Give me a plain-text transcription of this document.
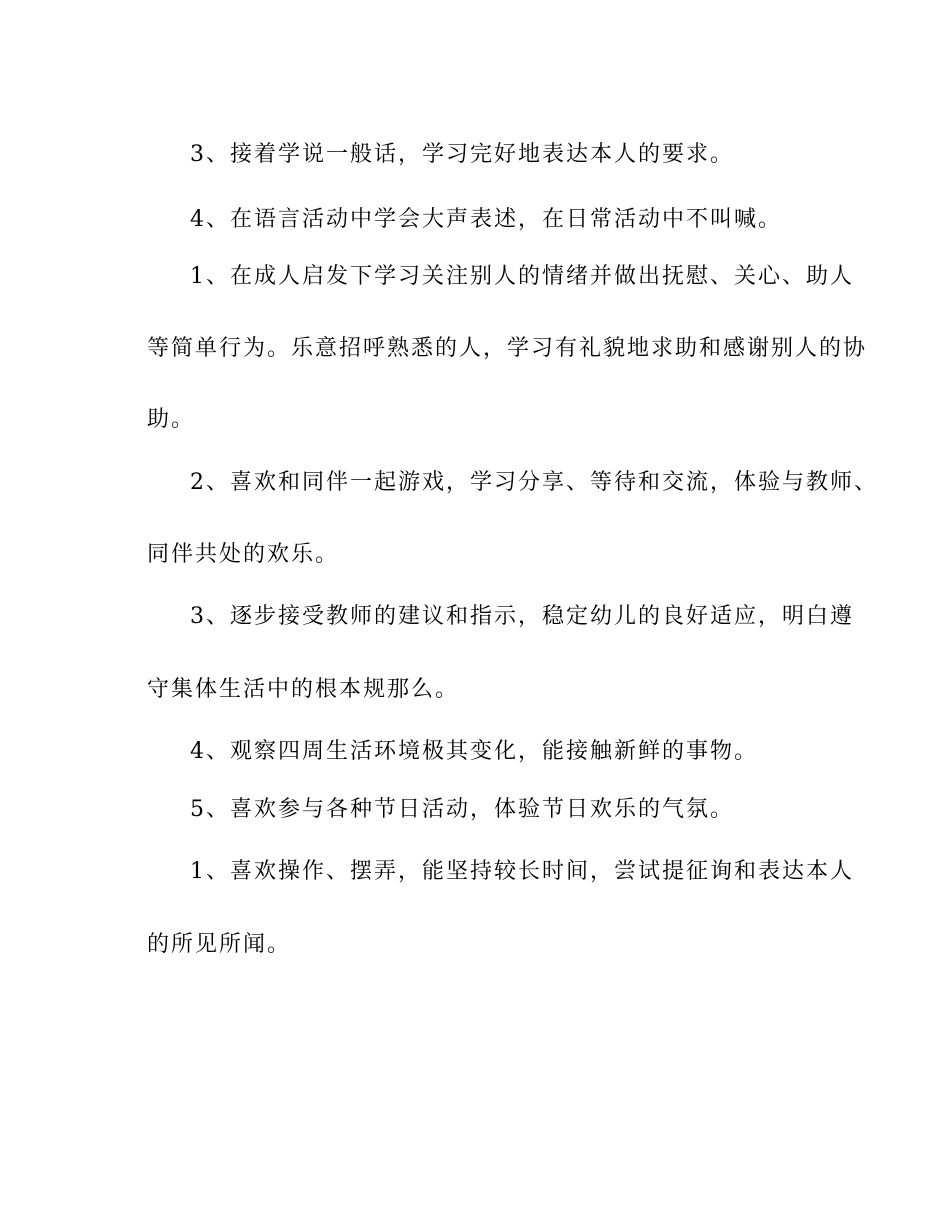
3、接着学说一般话，学习完好地表达本人的要求。
4、在语言活动中学会大声表述，在日常活动中不叫喊。
1、在成人启发下学习关注别人的情绪并做出抚慰、关心、助人
等简单行为。乐意招呼熟悉的人，学习有礼貌地求助和感谢别人的协
助。
2、喜欢和同伴一起游戏，学习分享、等待和交流，体验与教师、
同伴共处的欢乐。
3、逐步接受教师的建议和指示，稳定幼儿的良好适应，明白遵
守集体生活中的根本规那么。
4、观察四周生活环境极其变化，能接触新鲜的事物。
5、喜欢参与各种节日活动，体验节日欢乐的气氛。
1、喜欢操作、摆弄，能坚持较长时间，尝试提征询和表达本人
的所见所闻。
